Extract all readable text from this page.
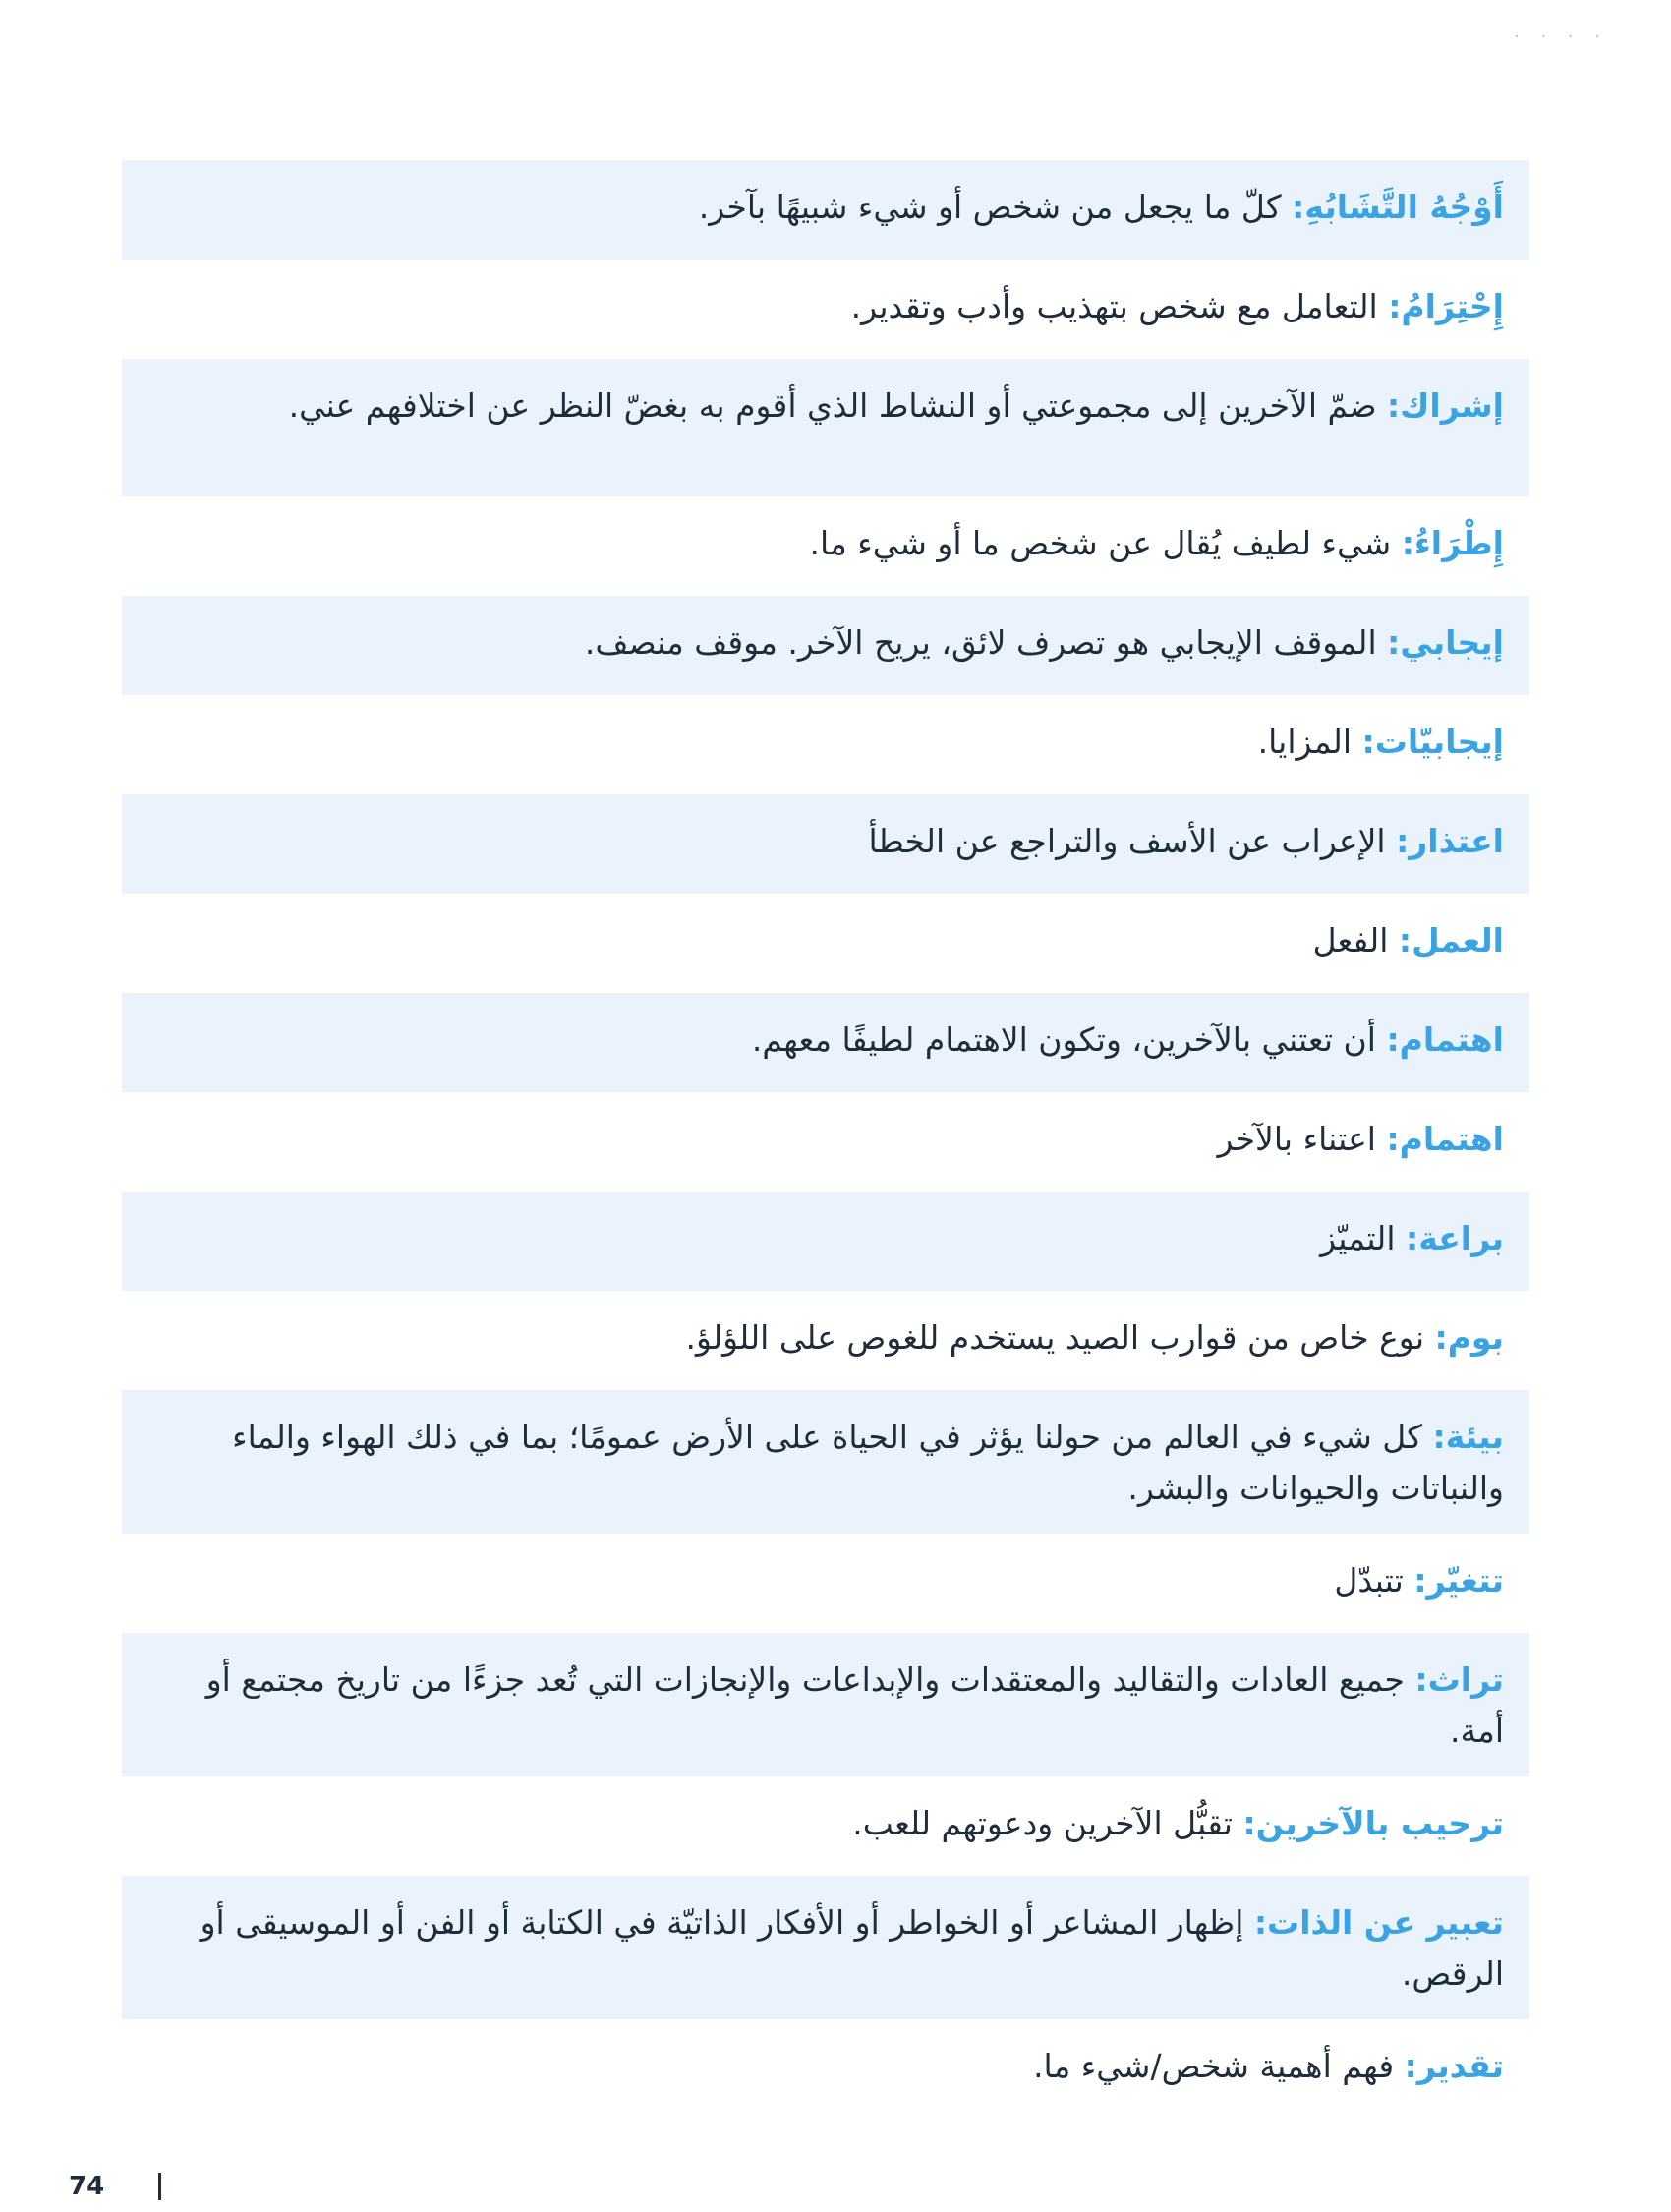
. . . .
أَوْجُهُ التَّشَابُهِ: كلّ ما يجعل من شخص أو شيء شبيهًا بآخر.
إِحْتِرَامُ: التعامل مع شخص بتهذيب وأدب وتقدير.
إشراك: ضمّ الآخرين إلى مجموعتي أو النشاط الذي أقوم به بغضّ النظر عن اختلافهم عني.
إِطْرَاءُ: شيء لطيف يُقال عن شخص ما أو شيء ما.
إيجابي: الموقف الإيجابي هو تصرف لائق، يريح الآخر. موقف منصف.
إيجابيّات: المزايا.
اعتذار: الإعراب عن الأسف والتراجع عن الخطأ
العمل: الفعل
اهتمام: أن تعتني بالآخرين، وتكون الاهتمام لطيفًا معهم.
اهتمام: اعتناء بالآخر
براعة: التميّز
بوم: نوع خاص من قوارب الصيد يستخدم للغوص على اللؤلؤ.
بيئة: كل شيء في العالم من حولنا يؤثر في الحياة على الأرض عمومًا؛ بما في ذلك الهواء والماء والنباتات والحيوانات والبشر.
تتغيّر: تتبدّل
تراث: جميع العادات والتقاليد والمعتقدات والإبداعات والإنجازات التي تُعد جزءًا من تاريخ مجتمع أو أمة.
ترحيب بالآخرين: تقبُّل الآخرين ودعوتهم للعب.
تعبير عن الذات: إظهار المشاعر أو الخواطر أو الأفكار الذاتيّة في الكتابة أو الفن أو الموسيقى أو الرقص.
تقدير: فهم أهمية شخص/شيء ما.
74
